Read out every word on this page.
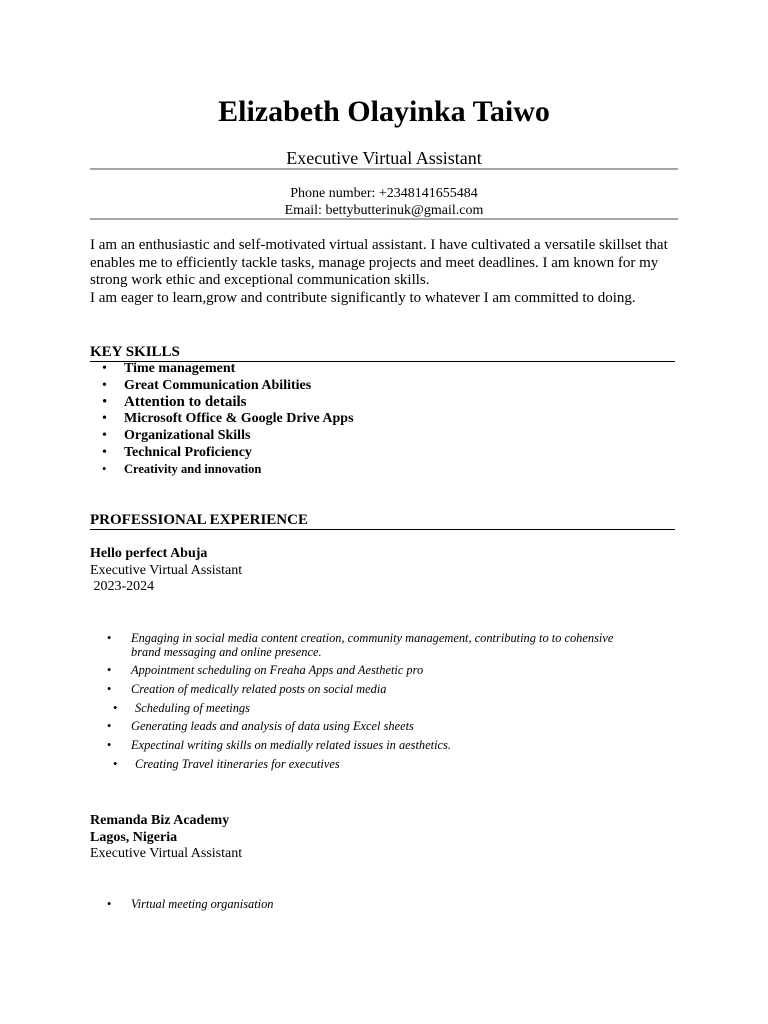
Elizabeth Olayinka Taiwo
Executive Virtual Assistant
Phone number: +2348141655484
Email: bettybutterinuk@gmail.com

I am an enthusiastic and self-motivated virtual assistant. I have cultivated a versatile skillset that enables me to efficiently tackle tasks, manage projects and meet deadlines. I am known for my strong work ethic and exceptional communication skills.

I am eager to learn,grow and contribute significantly to whatever I am committed to doing.

KEY SKILLS
• Time management
• Great Communication Abilities
• Attention to details
• Microsoft Office & Google Drive Apps
• Organizational Skills
• Technical Proficiency
• Creativity and innovation
PROFESSIONAL EXPERIENCE
Hello perfect Abuja
Executive Virtual Assistant
2023-2024
• Engaging in social media content creation, community management, contributing to to cohensive brand messaging and online presence.
• Appointment scheduling on Freaha Apps and Aesthetic pro
• Creation of medically related posts on social media
• Scheduling of meetings
• Generating leads and analysis of data using Excel sheets
• Expectinal writing skills on medially related issues in aesthetics.
• Creating Travel itineraries for executives
Remanda Biz Academy
Lagos, Nigeria
Executive Virtual Assistant
• Virtual meeting organisation
